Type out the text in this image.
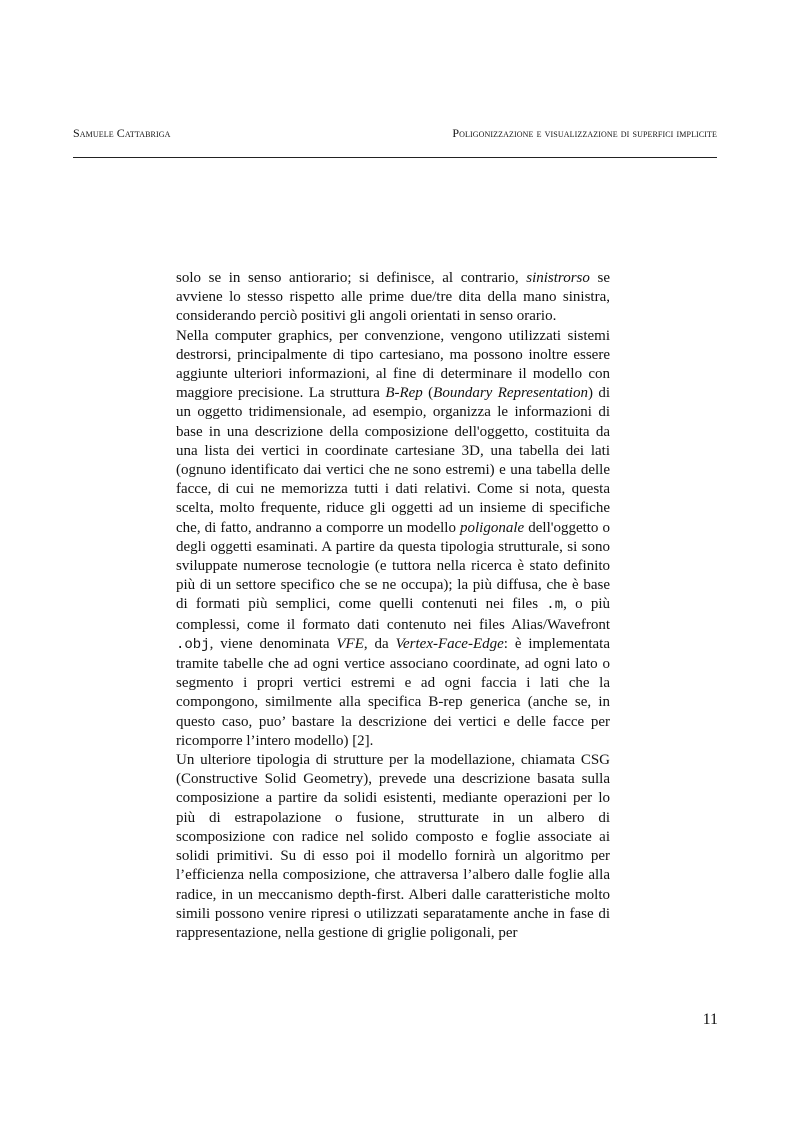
Samuele Cattabriga	Poligonizzazione e visualizzazione di superfici implicite

solo se in senso antiorario; si definisce, al contrario, sinistrorso se avviene lo stesso rispetto alle prime due/tre dita della mano sinistra, considerando perciò positivi gli angoli orientati in senso orario.

Nella computer graphics, per convenzione, vengono utilizzati sistemi destrorsi, principalmente di tipo cartesiano, ma possono inoltre essere aggiunte ulteriori informazioni, al fine di determinare il modello con maggiore precisione. La struttura B-Rep (Boundary Representation) di un oggetto tridimensionale, ad esempio, organizza le informazioni di base in una descrizione della composizione dell'oggetto, costituita da una lista dei vertici in coordinate cartesiane 3D, una tabella dei lati (ognuno identificato dai vertici che ne sono estremi) e una tabella delle facce, di cui ne memorizza tutti i dati relativi. Come si nota, questa scelta, molto frequente, riduce gli oggetti ad un insieme di specifiche che, di fatto, andranno a comporre un modello poligonale dell'oggetto o degli oggetti esaminati. A partire da questa tipologia strutturale, si sono sviluppate numerose tecnologie (e tuttora nella ricerca è stato definito più di un settore specifico che se ne occupa); la più diffusa, che è base di formati più semplici, come quelli contenuti nei files .m, o più complessi, come il formato dati contenuto nei files Alias/Wavefront .obj, viene denominata VFE, da Vertex-Face-Edge: è implementata tramite tabelle che ad ogni vertice associano coordinate, ad ogni lato o segmento i propri vertici estremi e ad ogni faccia i lati che la compongono, similmente alla specifica B-rep generica (anche se, in questo caso, puo’ bastare la descrizione dei vertici e delle facce per ricomporre l’intero modello) [2].

Un ulteriore tipologia di strutture per la modellazione, chiamata CSG (Constructive Solid Geometry), prevede una descrizione basata sulla composizione a partire da solidi esistenti, mediante operazioni per lo più di estrapolazione o fusione, strutturate in un albero di scomposizione con radice nel solido composto e foglie associate ai solidi primitivi. Su di esso poi il modello fornirà un algoritmo per l’efficienza nella composizione, che attraversa l’albero dalle foglie alla radice, in un meccanismo depth-first. Alberi dalle caratteristiche molto simili possono venire ripresi o utilizzati separatamente anche in fase di rappresentazione, nella gestione di griglie poligonali, per

11
